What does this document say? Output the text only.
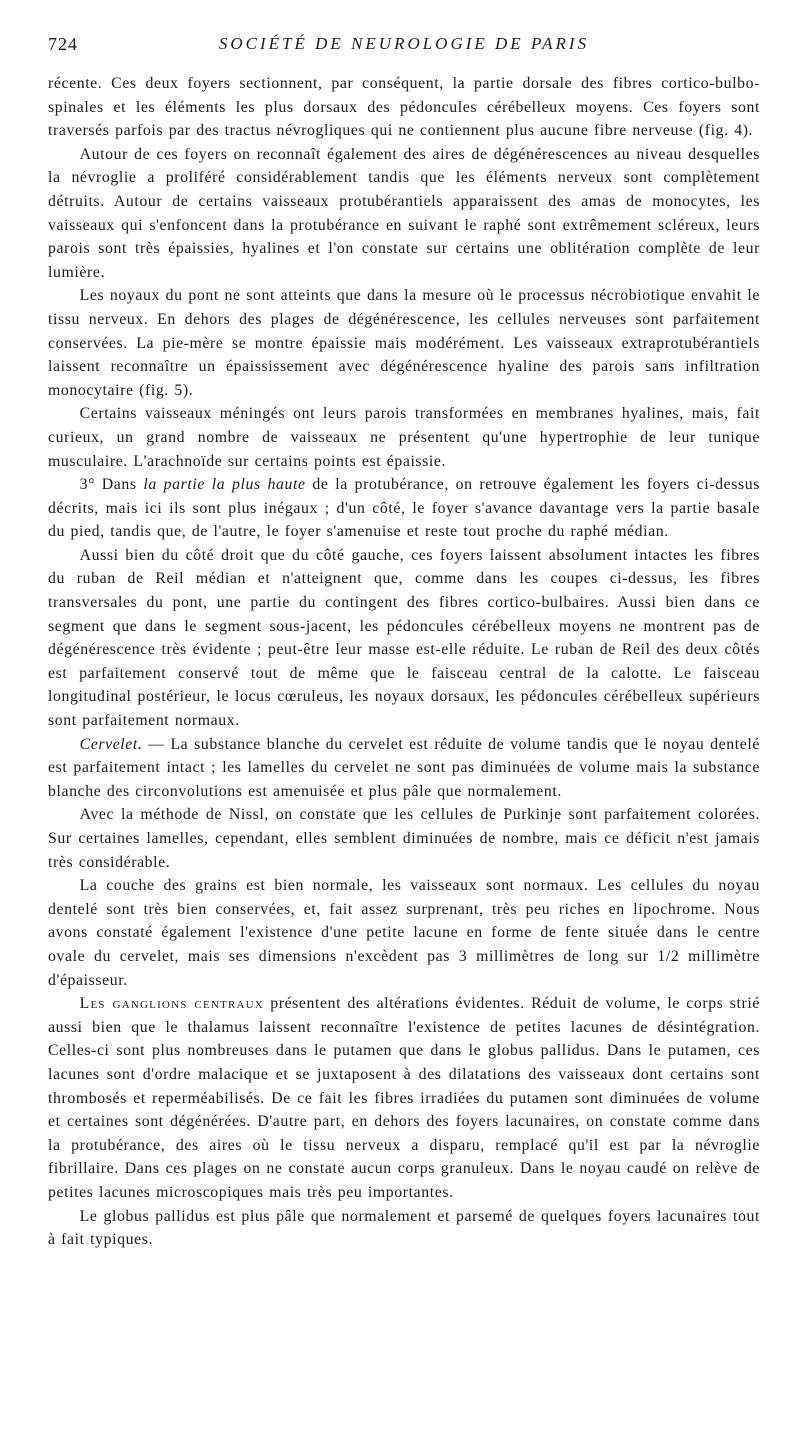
724	SOCIÉTÉ DE NEUROLOGIE DE PARIS

récente. Ces deux foyers sectionnent, par conséquent, la partie dorsale des fibres cortico-bulbo-spinales et les éléments les plus dorsaux des pédoncules cérébelleux moyens. Ces foyers sont traversés parfois par des tractus névrogliques qui ne contiennent plus aucune fibre nerveuse (fig. 4).

Autour de ces foyers on reconnaît également des aires de dégénérescences au niveau desquelles la névroglie a proliféré considérablement tandis que les éléments nerveux sont complètement détruits. Autour de certains vaisseaux protubérantiels apparaissent des amas de monocytes, les vaisseaux qui s'enfoncent dans la protubérance en suivant le raphé sont extrêmement scléreux, leurs parois sont très épaissies, hyalines et l'on constate sur certains une oblitération complète de leur lumière.

Les noyaux du pont ne sont atteints que dans la mesure où le processus nécrobiotique envahit le tissu nerveux. En dehors des plages de dégénérescence, les cellules nerveuses sont parfaitement conservées. La pie-mère se montre épaissie mais modérément. Les vaisseaux extraprotubérantiels laissent reconnaître un épaississement avec dégénérescence hyaline des parois sans infiltration monocytaire (fig. 5).

Certains vaisseaux méningés ont leurs parois transformées en membranes hyalines, mais, fait curieux, un grand nombre de vaisseaux ne présentent qu'une hypertrophie de leur tunique musculaire. L'arachnoïde sur certains points est épaissie.

3° Dans la partie la plus haute de la protubérance, on retrouve également les foyers ci-dessus décrits, mais ici ils sont plus inégaux ; d'un côté, le foyer s'avance davantage vers la partie basale du pied, tandis que, de l'autre, le foyer s'amenuise et reste tout proche du raphé médian.

Aussi bien du côté droit que du côté gauche, ces foyers laissent absolument intactes les fibres du ruban de Reil médian et n'atteignent que, comme dans les coupes ci-dessus, les fibres transversales du pont, une partie du contingent des fibres cortico-bulbaires. Aussi bien dans ce segment que dans le segment sous-jacent, les pédoncules cérébelleux moyens ne montrent pas de dégénérescence très évidente ; peut-être leur masse est-elle réduite. Le ruban de Reil des deux côtés est parfaitement conservé tout de même que le faisceau central de la calotte. Le faisceau longitudinal postérieur, le locus cœruleus, les noyaux dorsaux, les pédoncules cérébelleux supérieurs sont parfaitement normaux.

Cervelet. — La substance blanche du cervelet est réduite de volume tandis que le noyau dentelé est parfaitement intact ; les lamelles du cervelet ne sont pas diminuées de volume mais la substance blanche des circonvolutions est amenuisée et plus pâle que normalement.

Avec la méthode de Nissl, on constate que les cellules de Purkinje sont parfaitement colorées. Sur certaines lamelles, cependant, elles semblent diminuées de nombre, mais ce déficit n'est jamais très considérable.

La couche des grains est bien normale, les vaisseaux sont normaux. Les cellules du noyau dentelé sont très bien conservées, et, fait assez surprenant, très peu riches en lipochrome. Nous avons constaté également l'existence d'une petite lacune en forme de fente située dans le centre ovale du cervelet, mais ses dimensions n'excèdent pas 3 millimètres de long sur 1/2 millimètre d'épaisseur.

Les ganglions centraux présentent des altérations évidentes. Réduit de volume, le corps strié aussi bien que le thalamus laissent reconnaître l'existence de petites lacunes de désintégration. Celles-ci sont plus nombreuses dans le putamen que dans le globus pallidus. Dans le putamen, ces lacunes sont d'ordre malacique et se juxtaposent à des dilatations des vaisseaux dont certains sont thrombosés et reperméabilisés. De ce fait les fibres irradiées du putamen sont diminuées de volume et certaines sont dégénérées. D'autre part, en dehors des foyers lacunaires, on constate comme dans la protubérance, des aires où le tissu nerveux a disparu, remplacé qu'il est par la névroglie fibrillaire. Dans ces plages on ne constate aucun corps granuleux. Dans le noyau caudé on relève de petites lacunes microscopiques mais très peu importantes.

Le globus pallidus est plus pâle que normalement et parsemé de quelques foyers lacunaires tout à fait typiques.
